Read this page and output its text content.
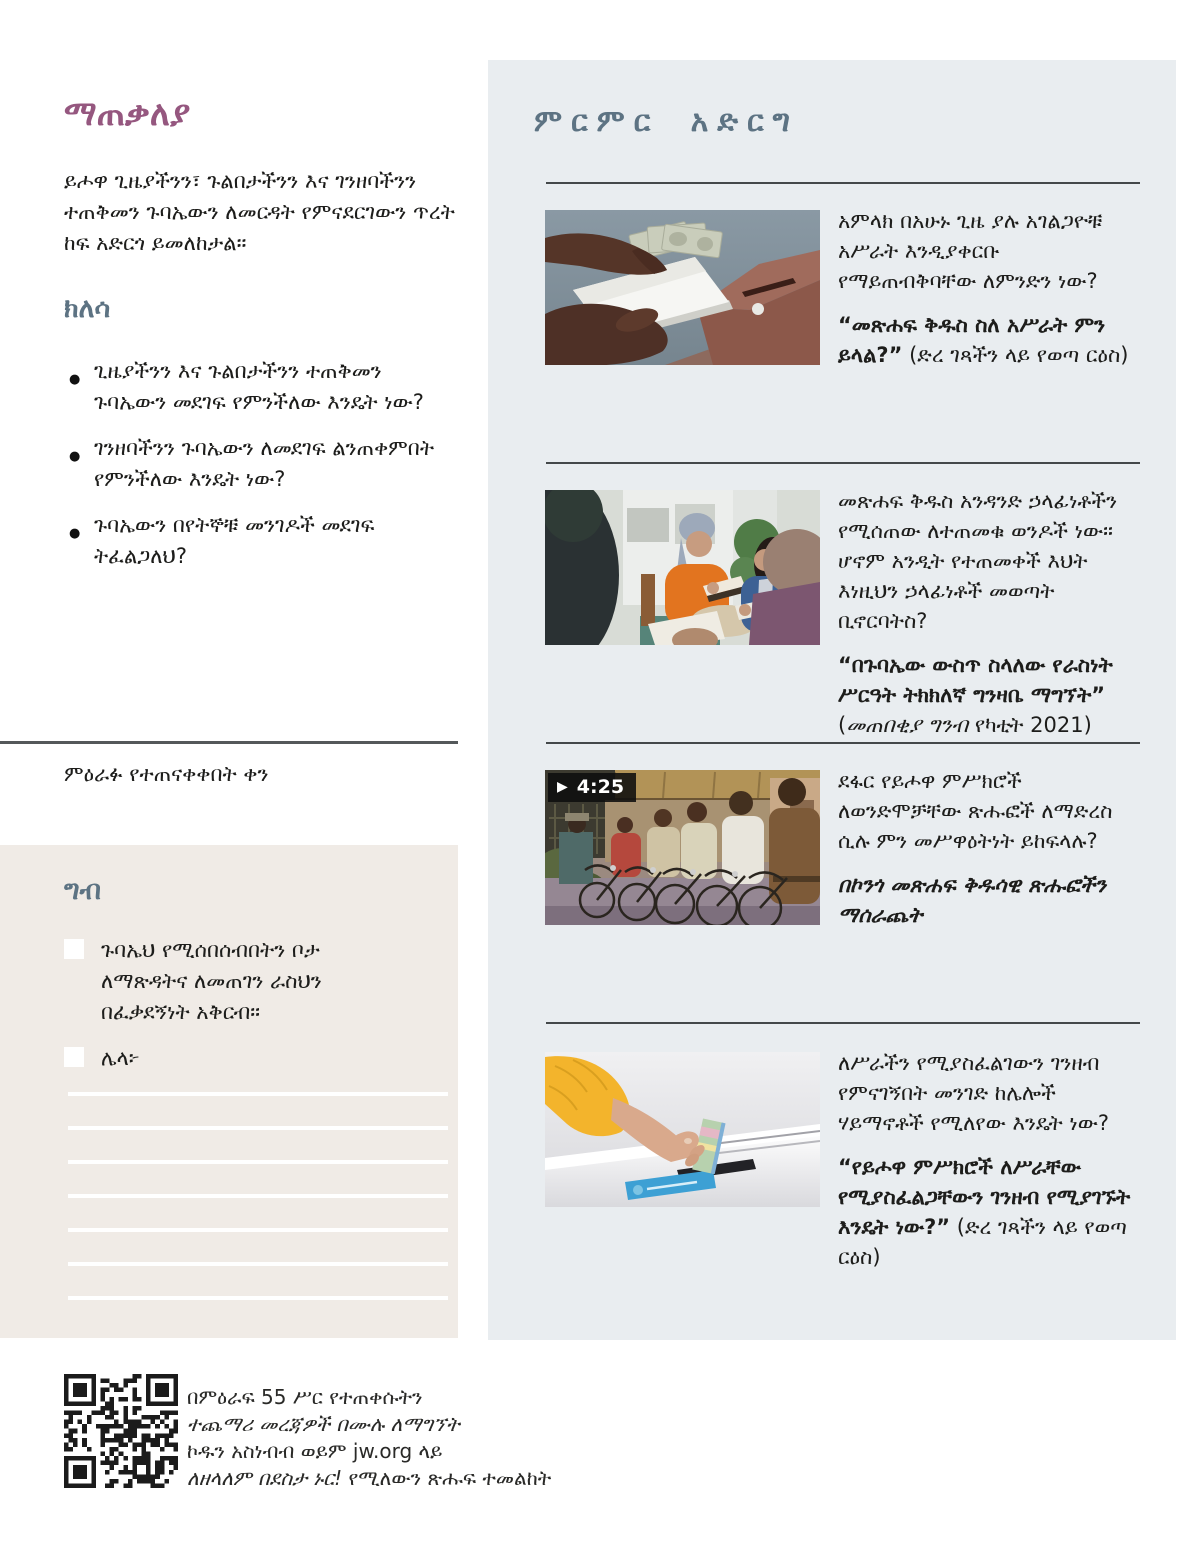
ማጠቃለያ
ይሖዋ ጊዜያችንን፣ ጉልበታችንን እና ገንዘባችንን ተጠቅመን ጉባኤውን ለመርዳት የምናደርገውን ጥረት ከፍ አድርጎ ይመለከታል።
ክለሳ
● ጊዜያችንን እና ጉልበታችንን ተጠቅመን ጉባኤውን መደገፍ የምንችለው እንዴት ነው?
● ገንዘባችንን ጉባኤውን ለመደገፍ ልንጠቀምበት የምንችለው እንዴት ነው?
● ጉባኤውን በየትኞቹ መንገዶች መደገፍ ትፈልጋለህ?
ምዕራፉ የተጠናቀቀበት ቀን
ግብ
ጉባኤህ የሚሰበሰብበትን ቦታ ለማጽዳትና ለመጠገን ራስህን በፈቃደኝነት አቅርብ።
ሌላ፦
በምዕራፍ 55 ሥር የተጠቀሱትን
ተጨማሪ መረጃዎች በሙሉ ለማግኘት
ኮዱን አስነብብ ወይም jw.org ላይ
ለዘላለም በደስታ ኑር! የሚለውን ጽሑፍ ተመልከት
ምርምር አድርግ

አምላክ በአሁኑ ጊዜ ያሉ አገልጋዮቹ አሥራት እንዲያቀርቡ የማይጠብቅባቸው ለምንድን ነው?

“መጽሐፍ ቅዱስ ስለ አሥራት ምን ይላል?” (ድረ ገጻችን ላይ የወጣ ርዕስ)

መጽሐፍ ቅዱስ አንዳንድ ኃላፊነቶችን የሚሰጠው ለተጠመቁ ወንዶች ነው። ሆኖም አንዲት የተጠመቀች እህት እነዚህን ኃላፊነቶች መወጣት ቢኖርባትስ?

“በጉባኤው ውስጥ ስላለው የራስነት ሥርዓት ትክክለኛ ግንዛቤ ማግኘት” (መጠበቂያ ግንብ የካቲት 2021)

▶ 4:25	ደፋር የይሖዋ ምሥክሮች ለወንድሞቻቸው ጽሑፎች ለማድረስ ሲሉ ምን መሥዋዕትነት ይከፍላሉ?

በኮንጎ መጽሐፍ ቅዱሳዊ ጽሑፎችን ማሰራጨት

ለሥራችን የሚያስፈልገውን ገንዘብ የምናገኝበት መንገድ ከሌሎች ሃይማኖቶች የሚለየው እንዴት ነው?

“የይሖዋ ምሥክሮች ለሥራቸው የሚያስፈልጋቸውን ገንዘብ የሚያገኙት እንዴት ነው?” (ድረ ገጻችን ላይ የወጣ ርዕስ)
